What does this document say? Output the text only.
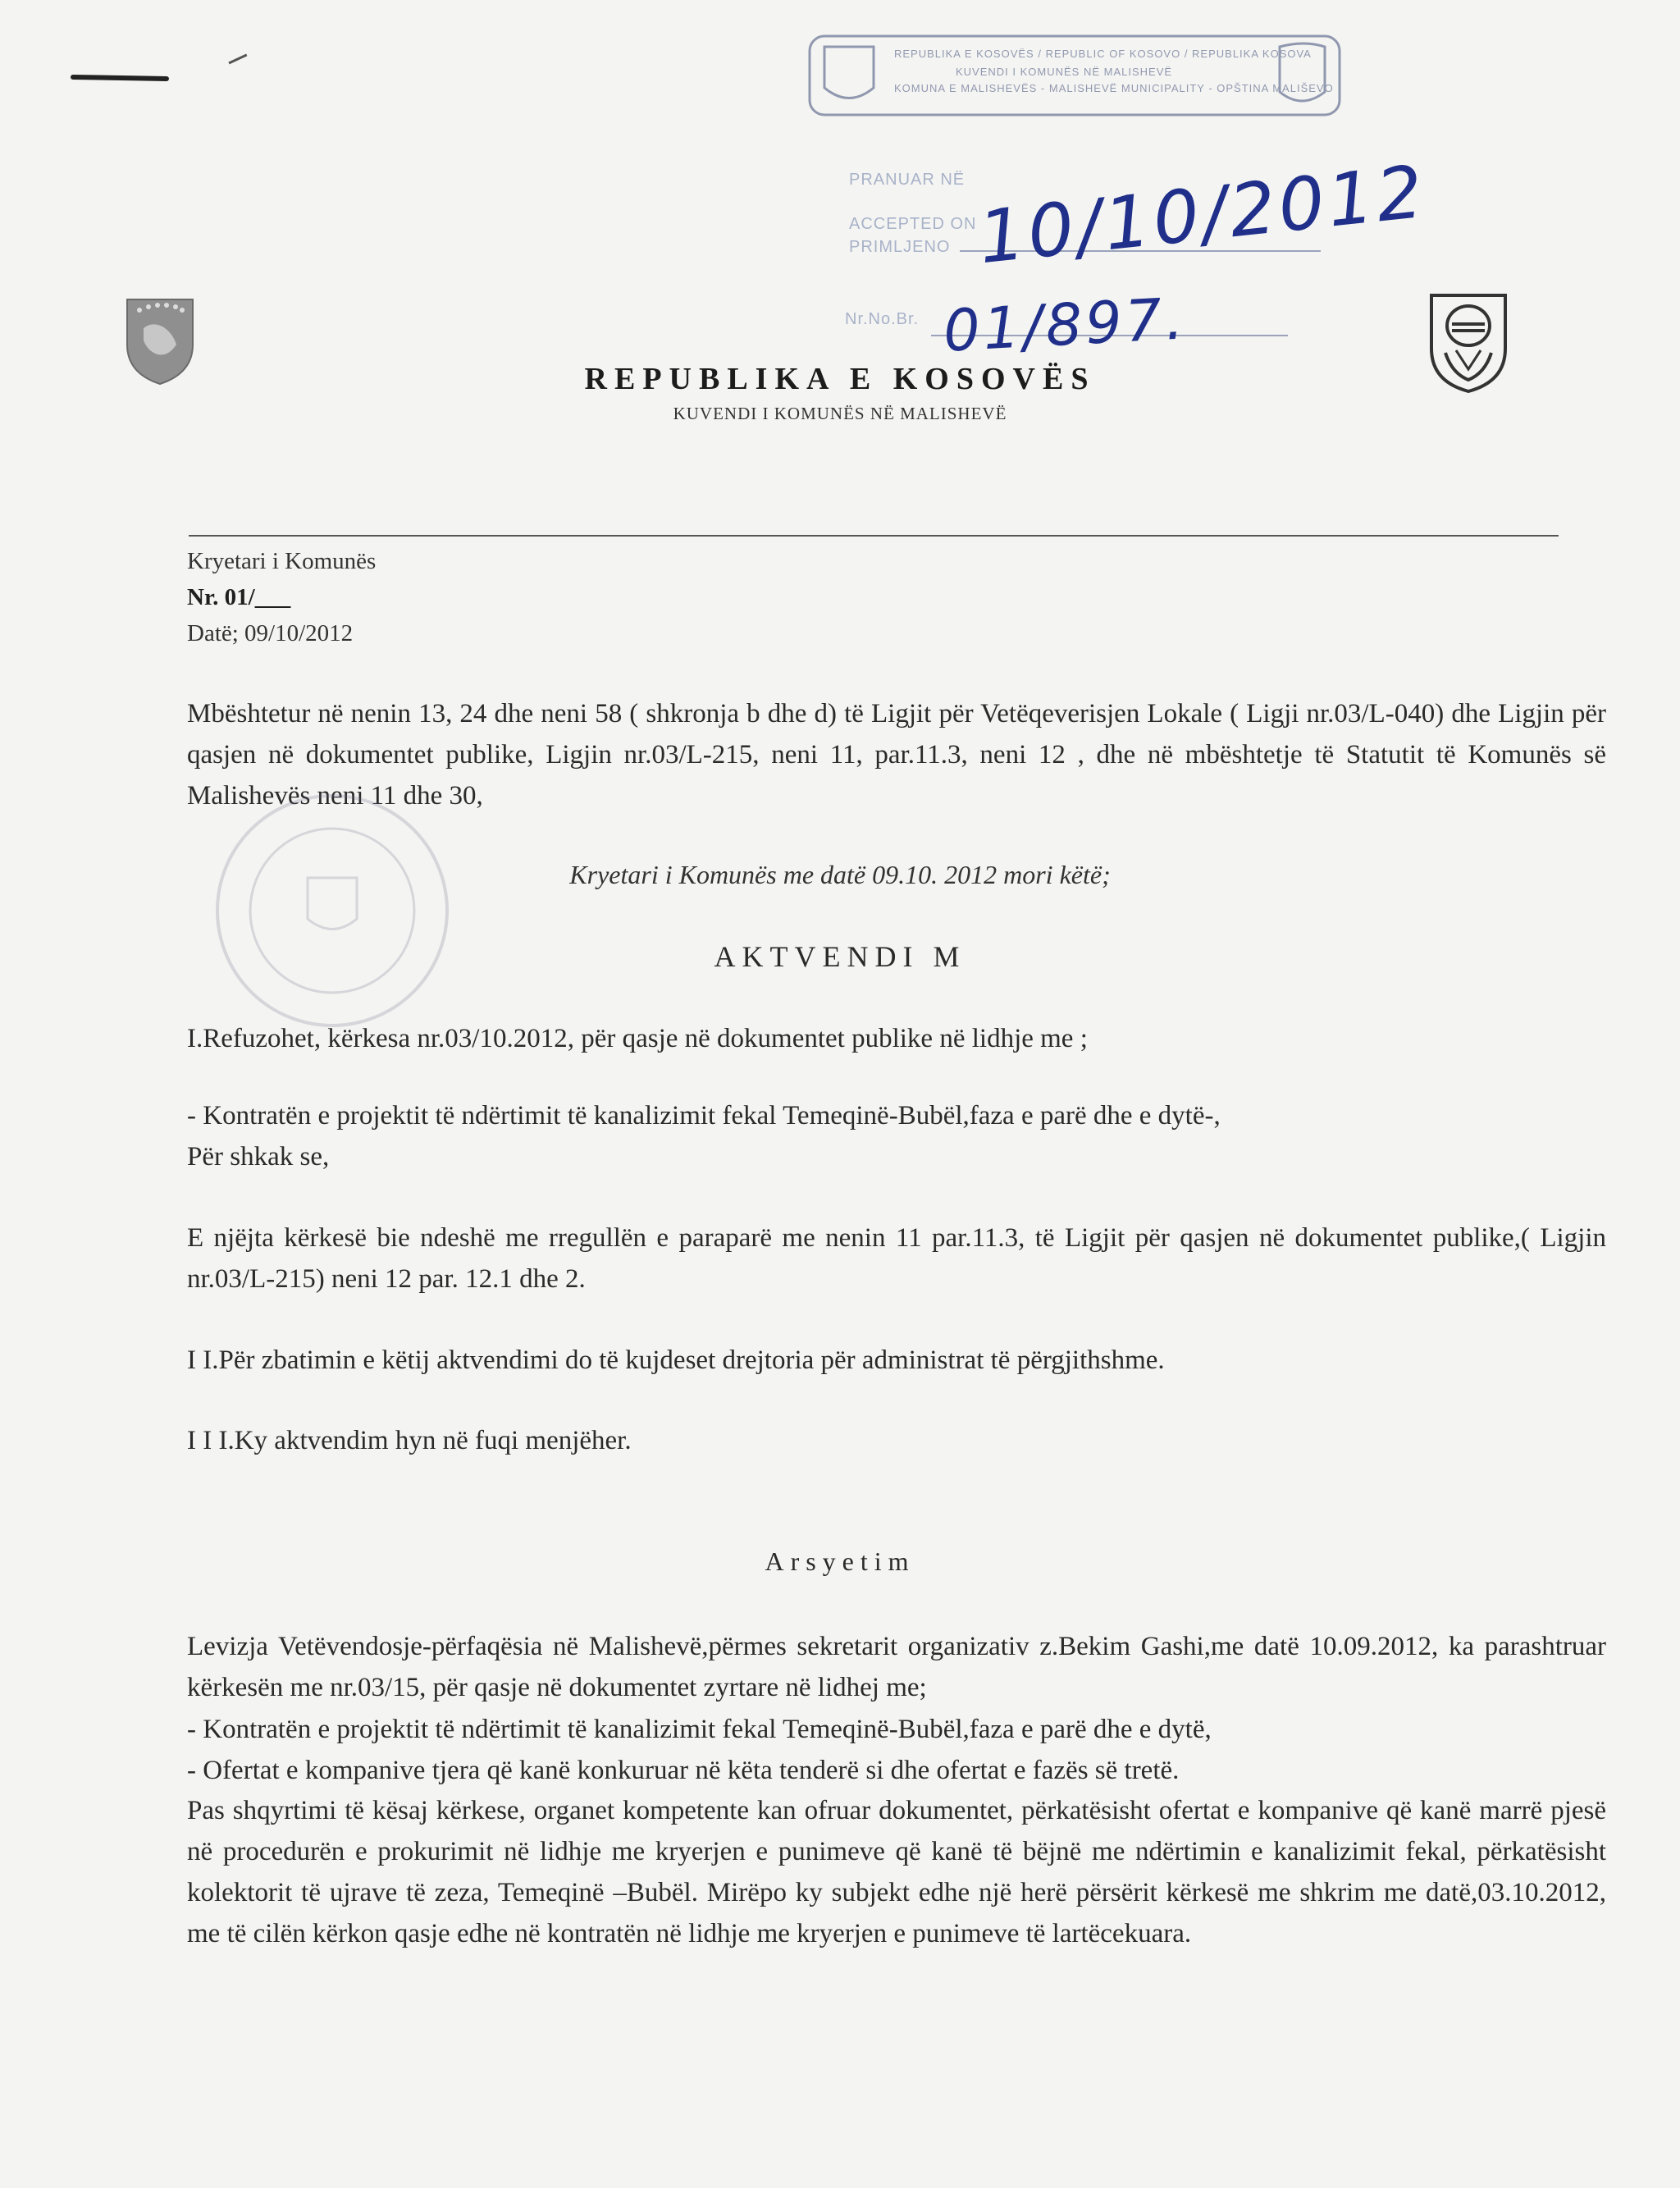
REPUBLIKA E KOSOVËS / REPUBLIC OF KOSOVO / REPUBLIKA KOSOVA
KUVENDI I KOMUNËS NË MALISHEVË
KOMUNA E MALISHEVËS - MALISHEVË MUNICIPALITY - OPŠTINA MALIŠEVO
PRANUAR NË
ACCEPTED ON
PRIMLJENO 10/10/2012
Nr.No.Br. 01/897.
REPUBLIKA E KOSOVËS
KUVENDI I KOMUNËS NË MALISHEVË
Kryetari i Komunës
Nr. 01/___
Datë; 09/10/2012
Mbështetur në nenin 13, 24 dhe neni 58 ( shkronja b dhe d) të Ligjit për Vetëqeverisjen Lokale ( Ligji nr.03/L-040) dhe Ligjin për qasjen në dokumentet publike, Ligjin nr.03/L-215, neni 11, par.11.3, neni 12 , dhe në mbështetje të Statutit të Komunës së Malishevës neni 11 dhe 30,
Kryetari i Komunës me datë 09.10. 2012 mori këtë;
AKTVENDI M
I.Refuzohet, kërkesa nr.03/10.2012, për qasje në dokumentet publike në lidhje me ;
- Kontratën e projektit të ndërtimit të kanalizimit fekal Temeqinë-Bubël,faza e parë dhe e dytë-,
Për shkak se,
E njëjta kërkesë bie ndeshë me rregullën e paraparë me nenin 11 par.11.3, të Ligjit për qasjen në dokumentet publike,( Ligjin nr.03/L-215) neni 12 par. 12.1 dhe 2.
I I.Për zbatimin e këtij aktvendimi do të kujdeset drejtoria për administrat të përgjithshme.
I I I.Ky aktvendim hyn në fuqi menjëher.
Arsyetim
Levizja Vetëvendosje-përfaqësia në Malishevë,përmes sekretarit organizativ z.Bekim Gashi,me datë 10.09.2012, ka parashtruar kërkesën me nr.03/15, për qasje në dokumentet zyrtare në lidhej me;
- Kontratën e projektit të ndërtimit të kanalizimit fekal Temeqinë-Bubël,faza e parë dhe e dytë,
- Ofertat e kompanive tjera që kanë konkuruar në këta tenderë si dhe ofertat e fazës së tretë.
Pas shqyrtimi të kësaj kërkese, organet kompetente kan ofruar dokumentet, përkatësisht ofertat e kompanive që kanë marrë pjesë në procedurën e prokurimit në lidhje me kryerjen e punimeve që kanë të bëjnë me ndërtimin e kanalizimit fekal, përkatësisht kolektorit të ujrave të zeza, Temeqinë –Bubël. Mirëpo ky subjekt edhe një herë përsërit kërkesë me shkrim me datë,03.10.2012, me të cilën kërkon qasje edhe në kontratën në lidhje me kryerjen e punimeve të lartëcekuara.
